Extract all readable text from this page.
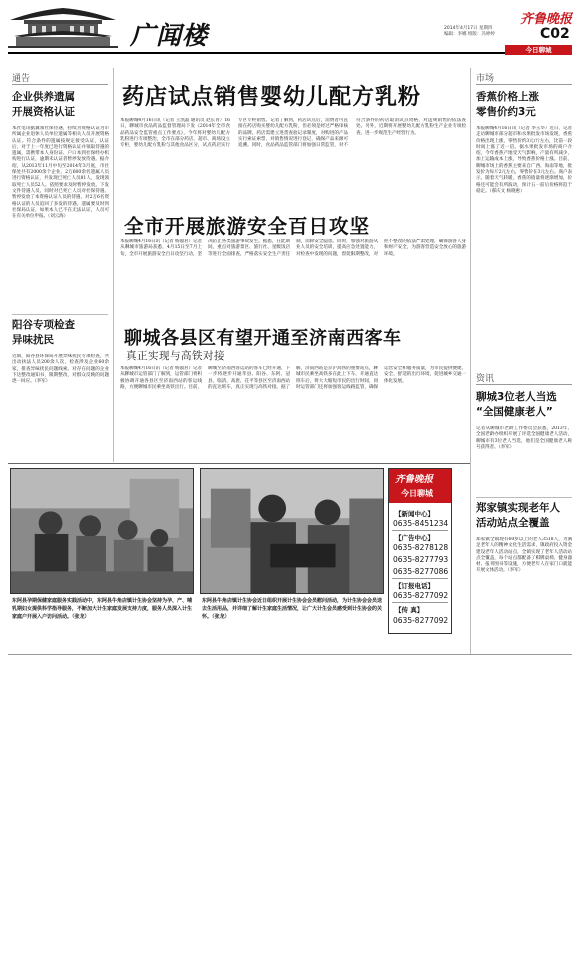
广闻楼
齐鲁晚报
2014年4月17日 星期四
编辑：李娜 组版：冯婷婷	C02
今日聊城
通告
企业供养遗属
开展资格认证
本社电讯据冀领社保待遇，持续为资格认证为市所属企业退休人员单位遗属等相关人员开展资格认证。符合条件的遗属按规定接受认证，认证后，对于上一年度已进行资格认证并领取待遇的遗属，需携带本人身份证、户口本到社保经办机构进行认证，逾期未认证者暂停发放待遇。据介绍，从2013年11月中旬至2014年3月底，市社保处共有2000余个企业、2万600余名遗属人员进行资格认证，共发现已死亡人员81人，发现领取死亡人员52人。依照要求及时暂停发放。下发文件待遇人员、同时对已死亡人员对社保待遇、暂停发放了本资格认证人员的待遇，对2万6名资格认证的人员追回了多发的待遇。遗属要及时到社保局认证，如果本人已不在无法认证，人员可在有关单位申报。（刘云海）
阳谷专项检查
异味扰民
近期，阳谷县环保局开展异味扰民专项检查，共出动执法人员200余人次，检查涉及企业60余家，排查异味扰民问题线索。对存在问题的企业下达整改通知书，限期整改，对群众反映的问题逐一回应。（李军）
药店试点销售婴幼儿配方乳粉
本报聊城4月16日讯（记者 王凯晶 通讯员 赵长青）16日，聊城市食品药品监督管理局下发《2014年全市食品药品安全监管重点工作要点》，今年将对婴幼儿配方乳粉进行专项整治，全市在部分药店、超市、商场设立专柜，婴幼儿配方乳粉与其他食品区分，试点药店实行专区专柜销售。记者了解到，药店试点后，消费者可直接在药店购买婴幼儿配方乳粉，但必须是经过严格审核的品牌。药店需建立进货查验记录制度，对购进的产品实行索证索票，对销售情况进行登记，确保产品来源可追溯。同时，食品药品监管部门将加强日常监管，对不符合条件的药店取消试点资格，对违规销售的依法查处。另外，近期将开展婴幼儿配方乳粉生产企业专项检查，进一步规范生产经营行为。
全市开展旅游安全百日攻坚
本报聊城4月16日讯（记者 杨淑君）记者从聊城市旅游局获悉，4月15日至7月上旬，全市开展旅游安全百日攻坚行动，坚决防止各类旅游事故发生。据悉，在此期间，重点对旅游景区、旅行社、星级饭店等进行全面排查，严格落实安全生产责任制，消除安全隐患。同时，加强对旅游从业人员的安全培训，提高应急处置能力，对检查中发现的问题，督促限期整改，对拒不整改的依法严肃处理，确保游客人身和财产安全，为游客营造安全放心的旅游环境。
聊城各县区有望开通至济南西客车
真正实现与高铁对接
本报聊城4月16日讯（记者 杨淑君）记者从聊城市运管部门了解到，运管部门将积极协调开通各县区至济南西站的客运线路，方便聊城市民乘坐高铁出行。目前，聊城至济南西客运站的客车已经开通，下一步将逐步开通莘县、阳谷、东阿、冠县、临清、高唐、茌平等县区至济南西站的直达班车，真正实现与高铁对接。据了解，济南西站是京沪高铁的重要站点，聊城市民乘坐高铁多在此上下车，开通直达班车后，将大大缩短市民的出行时间，同时运管部门还将加强客运线路监管，确保运营安全和服务质量，为市民提供便捷、安全、舒适的出行环境，促进城乡交通一体化发展。
东阿县孕期保健家庭服务实践活动中，东阿县牛角店镇计生协会坚持为孕、产、哺乳期妇女提供科学指导服务，不断加大计生家庭发展支持力度，服务人员深入计生家庭户开展入户访问活动。（张龙）
东阿县牛角店镇计生协会近日组织开展计生协会会员慰问活动，为计生协会会员送去生活用品，并详细了解计生家庭生活情况，让广大计生会员感受到计生协会的关怀。（张龙）
齐鲁晚报
今日聊城
【新闻中心】
0635-8451234
【广告中心】
0635-8278128
0635-8277793
0635-8277086
【订报电话】
0635-8277092
【传 真】
0635-8277092
市场
香蕉价格上涨
零售价约3元
本报聊城4月16日讯（记者 李玉华）近日，记者走访聊城市部分超市和水果批发市场发现，香蕉价格出现上涨，零售价约3元/斤左右，比前一段时间上涨了近一倍。据水果批发市场的商户介绍，今年香蕉产地受天气影响，产量有所减少，加上运输成本上涨，导致香蕉价格上涨。目前，聊城市场上的香蕉主要来自广西、海南等地，批发价为每斤2元左右，零售价在3元左右。商户表示，随着天气转暖，香蕉的销量将逐渐增加，价格还可能会有所波动，预计五一前后价格将趋于稳定。（郝庆文 杨晓惠）
资讯
聊城3位老人当选
“全国健康老人”
记者从聊城市老龄工作委员会获悉，2013年，全国老龄办组织开展了评选全国健康老人活动，聊城市有3位老人当选，他们是全国健康老人称号获得者。（李军）
郑家镇实现老年人
活动站点全覆盖
郑家镇全镇现有60岁以上的老人3518人，为满足老年人的精神文化生活需求，镇政府投入资金建设老年人活动站点，全镇实现了老年人活动站点全覆盖，每个站点都配备了棋牌桌椅、健身器材、报刊图书等设施，方便老年人在家门口就能开展文体活动。（李军）
